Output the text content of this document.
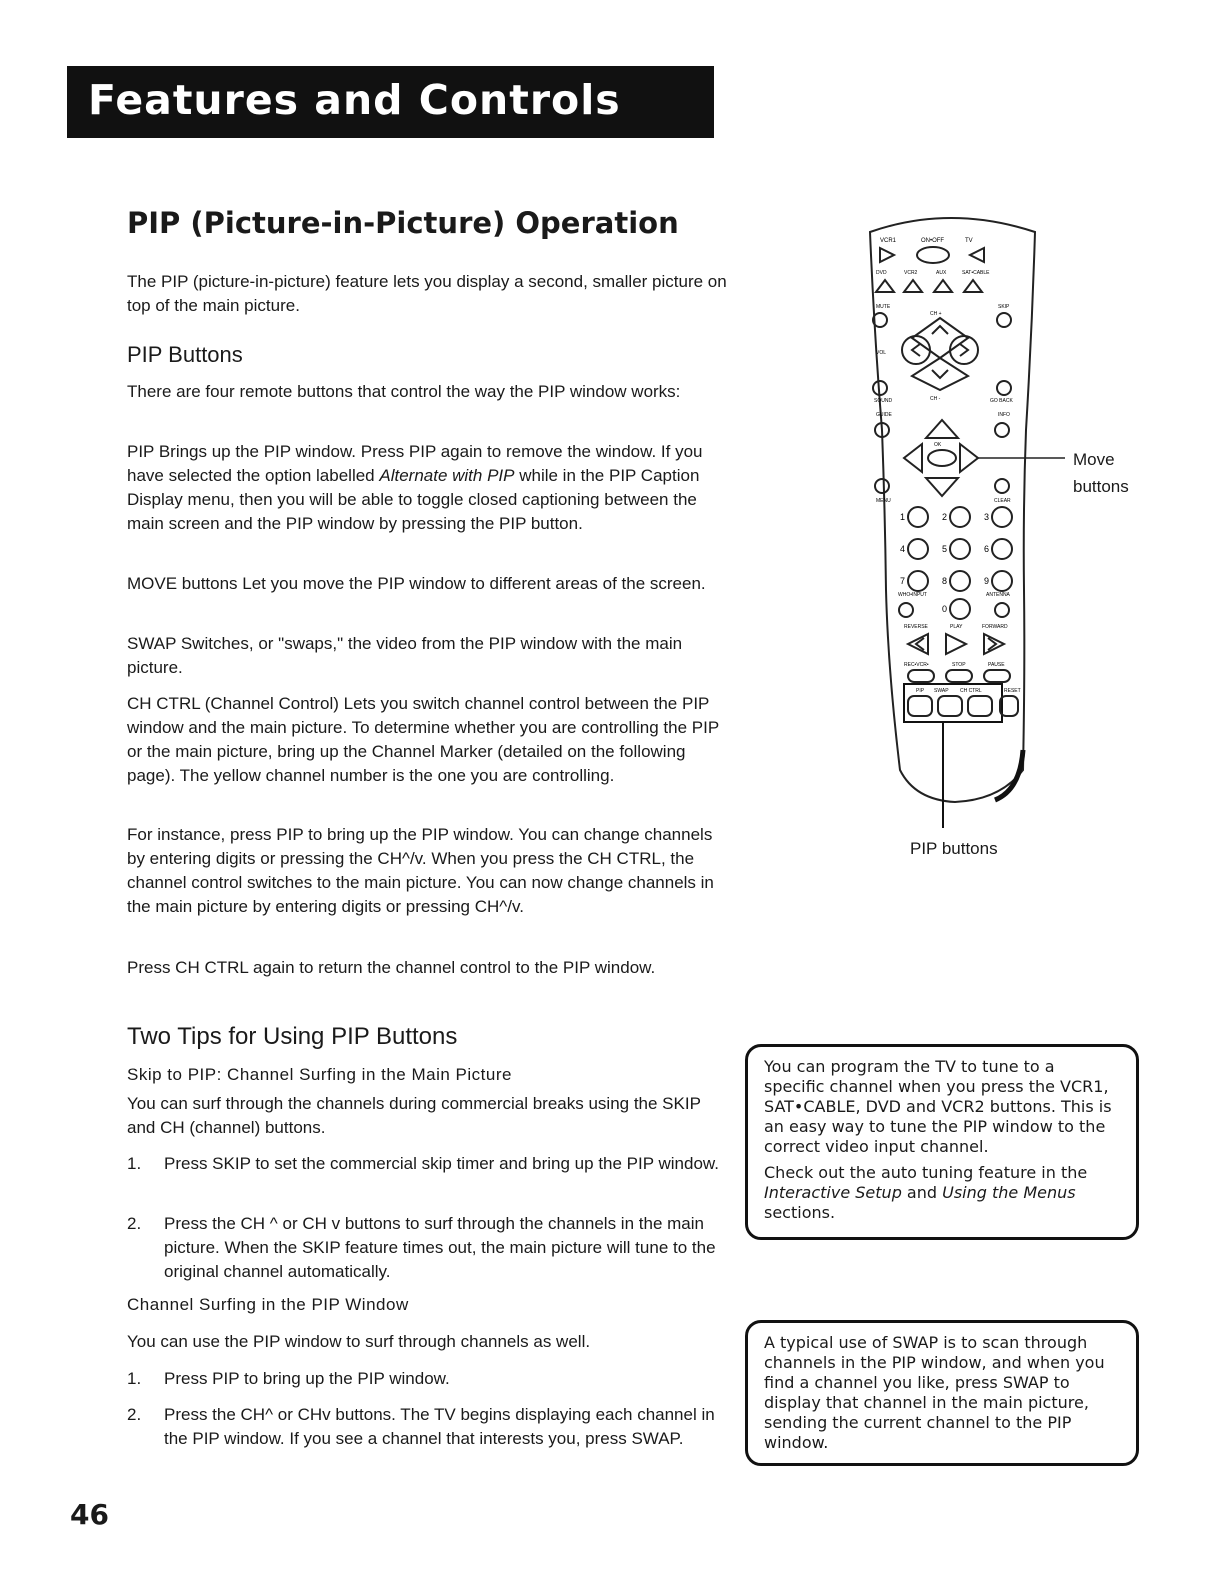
Features and Controls
PIP (Picture-in-Picture) Operation

The PIP (picture-in-picture) feature lets you display a second, smaller picture on top of the main picture.

PIP Buttons

There are four remote buttons that control the way the PIP window works:

PIP Brings up the PIP window. Press PIP again to remove the window. If you have selected the option labelled Alternate with PIP while in the PIP Caption Display menu, then you will be able to toggle closed captioning between the main screen and the PIP window by pressing the PIP button.

MOVE buttons Let you move the PIP window to different areas of the screen.

SWAP Switches, or "swaps," the video from the PIP window with the main picture.

CH CTRL (Channel Control) Lets you switch channel control between the PIP window and the main picture. To determine whether you are controlling the PIP or the main picture, bring up the Channel Marker (detailed on the following page). The yellow channel number is the one you are controlling.

For instance, press PIP to bring up the PIP window. You can change channels by entering digits or pressing the CH^/v. When you press the CH CTRL, the channel control switches to the main picture. You can now change channels in the main picture by entering digits or pressing CH^/v.

Press CH CTRL again to return the channel control to the PIP window.

Two Tips for Using PIP Buttons
Skip to PIP: Channel Surfing in the Main Picture

You can surf through the channels during commercial breaks using the SKIP and CH (channel) buttons.

1. Press SKIP to set the commercial skip timer and bring up the PIP window.
2. Press the CH ^ or CH v buttons to surf through the channels in the main picture. When the SKIP feature times out, the main picture will tune to the original channel automatically.
Channel Surfing in the PIP Window

You can use the PIP window to surf through channels as well.

1. Press PIP to bring up the PIP window.
2. Press the CH^ or CHv buttons. The TV begins displaying each channel in the PIP window. If you see a channel that interests you, press SWAP.
VCR1	ON•OFF	TV
DVD	VCR2	AUX	SAT•CABLE
MUTE	SKIP
CH +
VOL
CH -
SOUND	GO BACK
GUIDE	INFO
OK
MENU	CLEAR
1	2	3
4	5	6
7	8	9
0
WHO•INPUT	ANTENNA
REVERSE	PLAY	FORWARD
REC•VCR•	STOP	PAUSE
PIP SWAP CH CTRL	RESET
Move
buttons
PIP buttons

You can program the TV to tune to a specific channel when you press the VCR1, SAT•CABLE, DVD and VCR2 buttons. This is an easy way to tune the PIP window to the correct video input channel.

Check out the auto tuning feature in the Interactive Setup and Using the Menus sections.

A typical use of SWAP is to scan through channels in the PIP window, and when you find a channel you like, press SWAP to display that channel in the main picture, sending the current channel to the PIP window.

46
